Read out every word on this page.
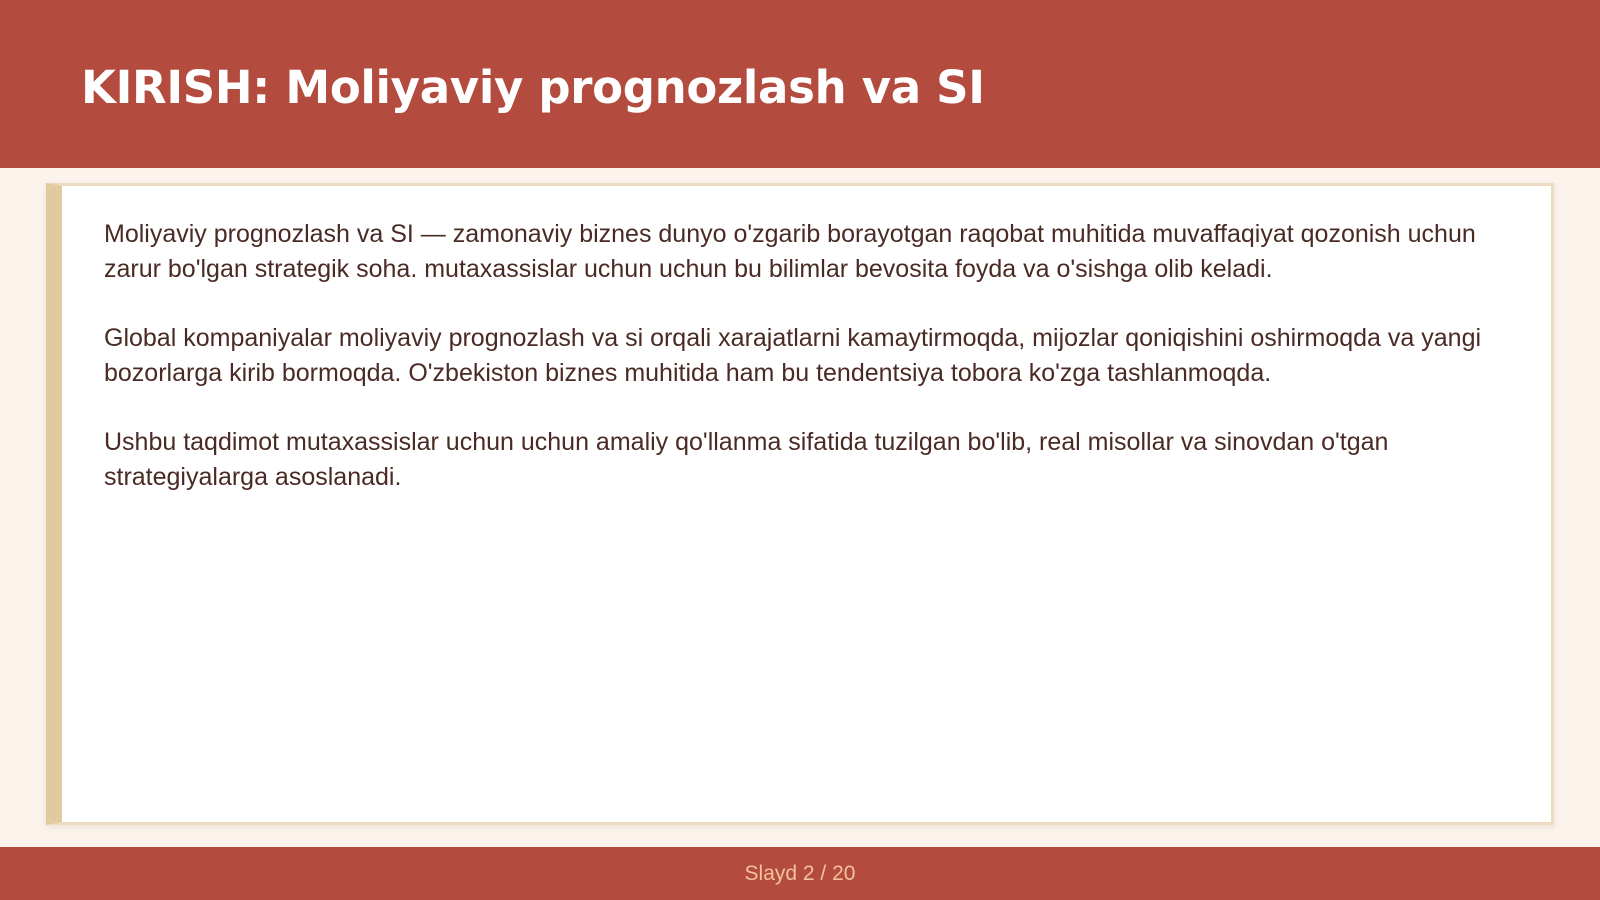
KIRISH: Moliyaviy prognozlash va SI

Moliyaviy prognozlash va SI — zamonaviy biznes dunyo o'zgarib borayotgan raqobat muhitida muvaffaqiyat qozonish uchun zarur bo'lgan strategik soha. mutaxassislar uchun uchun bu bilimlar bevosita foyda va o'sishga olib keladi.

Global kompaniyalar moliyaviy prognozlash va si orqali xarajatlarni kamaytirmoqda, mijozlar qoniqishini oshirmoqda va yangi bozorlarga kirib bormoqda. O'zbekiston biznes muhitida ham bu tendentsiya tobora ko'zga tashlanmoqda.

Ushbu taqdimot mutaxassislar uchun uchun amaliy qo'llanma sifatida tuzilgan bo'lib, real misollar va sinovdan o'tgan strategiyalarga asoslanadi.

Slayd 2 / 20
